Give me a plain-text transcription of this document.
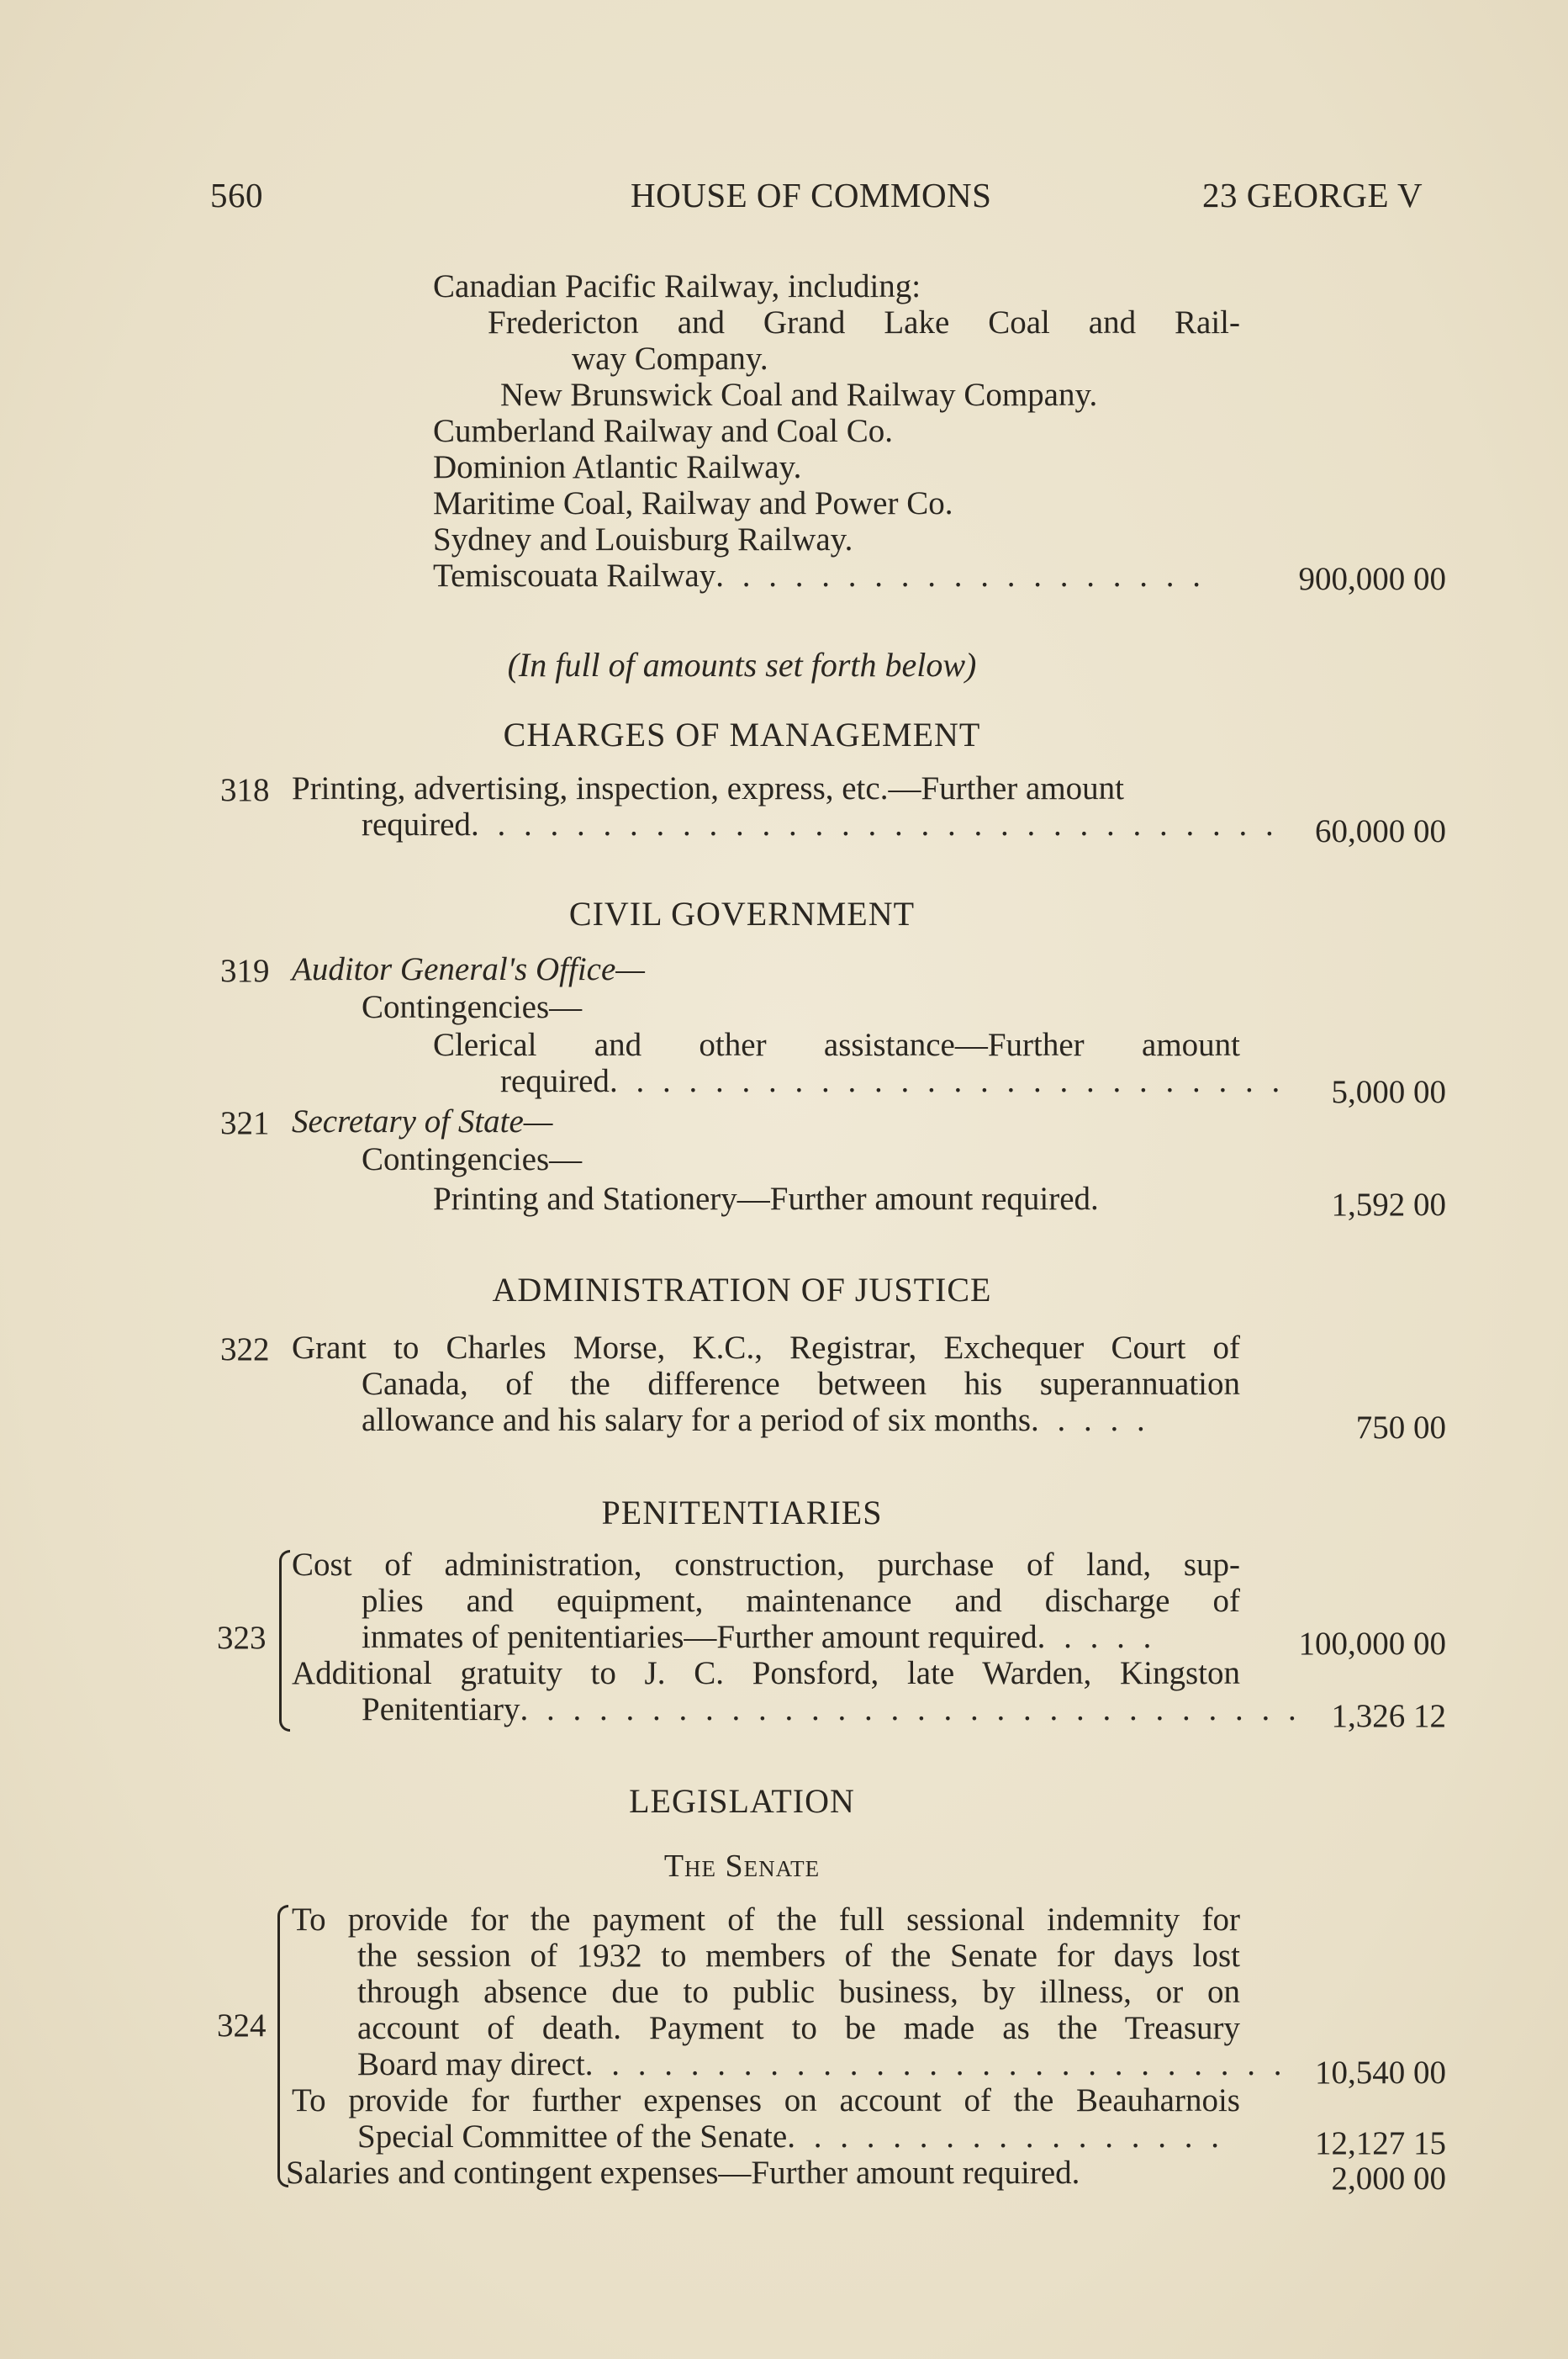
560	HOUSE OF COMMONS	23 GEORGE V
Canadian Pacific Railway, including:
Fredericton and Grand Lake Coal and Rail-
way Company.
New Brunswick Coal and Railway Company.
Cumberland Railway and Coal Co.
Dominion Atlantic Railway.
Maritime Coal, Railway and Power Co.
Sydney and Louisburg Railway.
Temiscouata Railway. . . . . . . . . . . . . . . . . . .	900,000 00
(In full of amounts set forth below)
CHARGES OF MANAGEMENT
318 Printing, advertising, inspection, express, etc.—Further amount
required. . . . . . . . . . . . . . . . . . . . . . . . . . . . . . . 60,000 00
CIVIL GOVERNMENT
319 Auditor General's Office—
Contingencies—
Clerical and other assistance—Further amount
required. . . . . . . . . . . . . . . . . . . . . . . . . . 5,000 00
321 Secretary of State—
Contingencies—
Printing and Stationery—Further amount required.	1,592 00
ADMINISTRATION OF JUSTICE
322 Grant to Charles Morse, K.C., Registrar, Exchequer Court of
Canada, of the difference between his superannuation
allowance and his salary for a period of six months. . . . .	750 00
PENITENTIARIES
323
Cost of administration, construction, purchase of land, sup-
plies and equipment, maintenance and discharge of
inmates of penitentiaries—Further amount required. . . . .	100,000 00
Additional gratuity to J. C. Ponsford, late Warden, Kingston
Penitentiary. . . . . . . . . . . . . . . . . . . . . . . . . . . . . . 1,326 12
LEGISLATION
The Senate
324
To provide for the payment of the full sessional indemnity for
the session of 1932 to members of the Senate for days lost
through absence due to public business, by illness, or on
account of death. Payment to be made as the Treasury
Board may direct. . . . . . . . . . . . . . . . . . . . . . . . . . . 10,540 00
To provide for further expenses on account of the Beauharnois
Special Committee of the Senate. . . . . . . . . . . . . . . . .	12,127 15
Salaries and contingent expenses—Further amount required.	2,000 00
